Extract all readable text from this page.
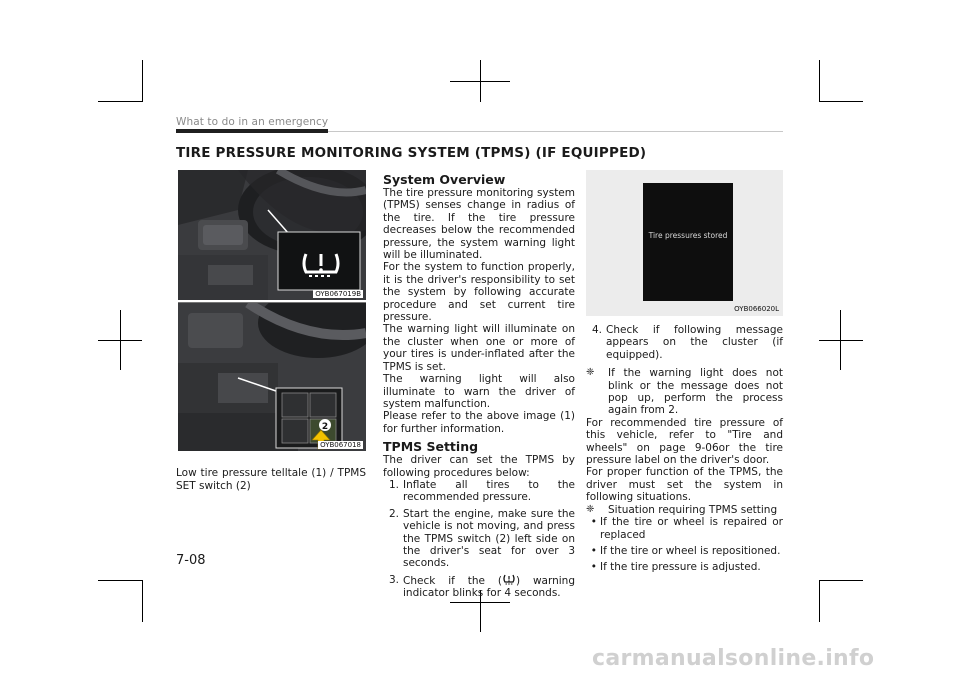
What to do in an emergency
TIRE PRESSURE MONITORING SYSTEM (TPMS) (IF EQUIPPED)
OYB067019B
2
OYB067018
Low tire pressure telltale (1) / TPMS SET switch (2)
System Overview

The tire pressure monitoring system (TPMS) senses change in radius of the tire. If the tire pressure decreases below the recommended pressure, the system warning light will be illuminated.

For the system to function properly, it is the driver's responsibility to set the system by following accurate procedure and set current tire pressure.

The warning light will illuminate on the cluster when one or more of your tires is under-inflated after the TPMS is set.

The warning light will also illuminate to warn the driver of system malfunction.

Please refer to the above image (1) for further information.

TPMS Setting

The driver can set the TPMS by following procedures below:

1. Inflate all tires to the recommended pressure.
2. Start the engine, make sure the vehicle is not moving, and press the TPMS switch (2) left side on the driver's seat for over 3 seconds.
3. Check if the ( ) warning indicator blinks for 4 seconds.
Tire pressures stored
OYB066020L
4. Check if following message appears on the cluster (if equipped).
❈	If the warning light does not blink or the message does not pop up, perform the process again from 2.

For recommended tire pressure of this vehicle, refer to "Tire and wheels" on page 9-06or the tire pressure label on the driver's door.

For proper function of the TPMS, the driver must set the system in following situations.

❈	Situation requiring TPMS setting
• If the tire or wheel is repaired or replaced
• If the tire or wheel is repositioned.
• If the tire pressure is adjusted.
7-08
carmanualsonline.info
